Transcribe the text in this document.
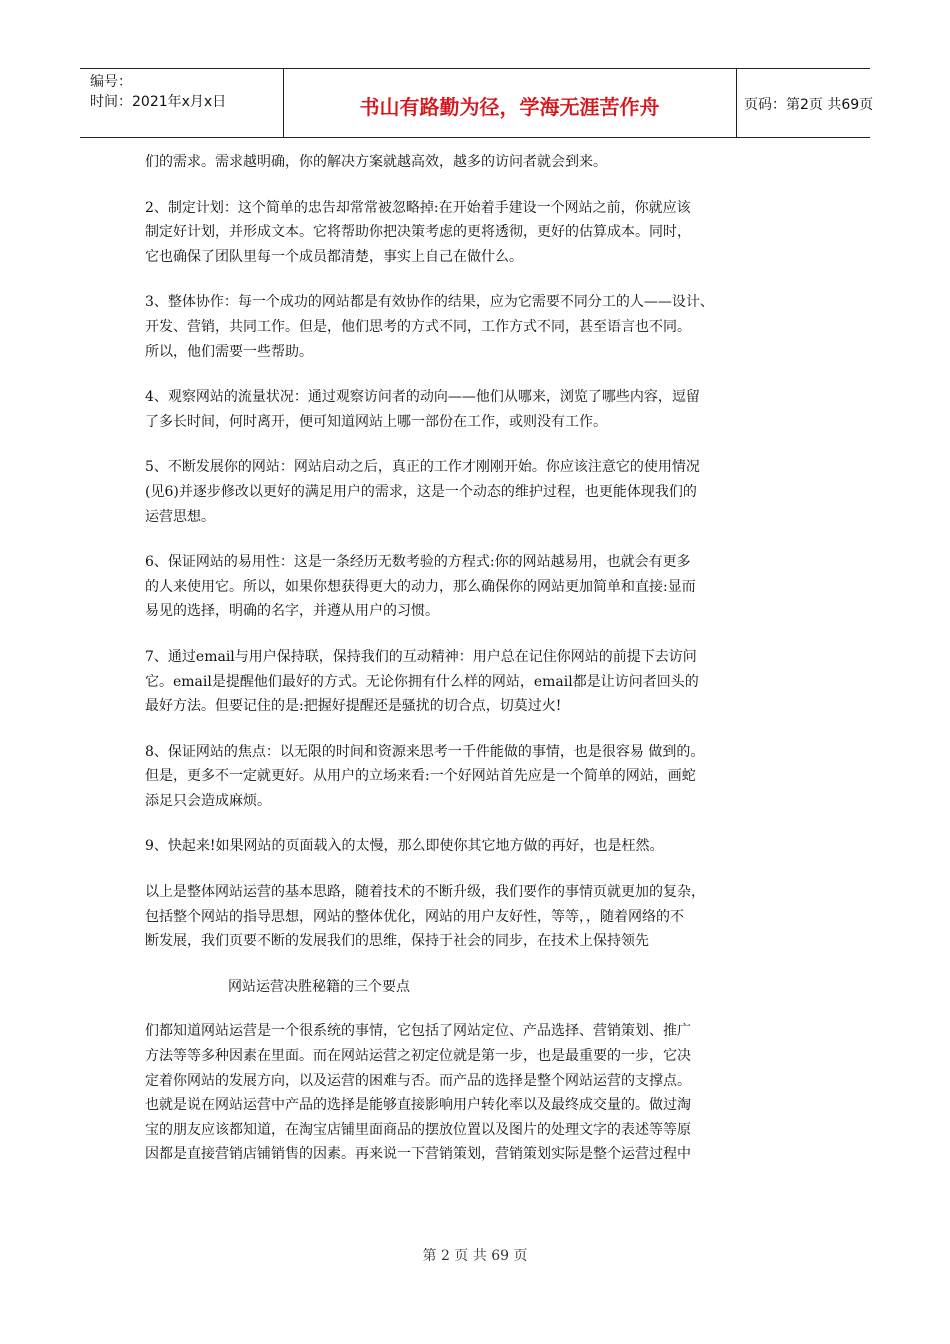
编号：
时间：2021年x月x日	书山有路勤为径，学海无涯苦作舟	页码：第2页 共69页
们的需求。需求越明确，你的解决方案就越高效，越多的访问者就会到来。
2、制定计划：这个简单的忠告却常常被忽略掉:在开始着手建设一个网站之前，你就应该
制定好计划，并形成文本。它将帮助你把决策考虑的更将透彻，更好的估算成本。同时，
它也确保了团队里每一个成员都清楚，事实上自己在做什么。
3、整体协作：每一个成功的网站都是有效协作的结果，应为它需要不同分工的人——设计、
开发、营销，共同工作。但是，他们思考的方式不同，工作方式不同，甚至语言也不同。
所以，他们需要一些帮助。
4、观察网站的流量状况：通过观察访问者的动向——他们从哪来，浏览了哪些内容，逗留
了多长时间，何时离开，便可知道网站上哪一部份在工作，或则没有工作。
5、不断发展你的网站：网站启动之后，真正的工作才刚刚开始。你应该注意它的使用情况
(见6)并逐步修改以更好的满足用户的需求，这是一个动态的维护过程，也更能体现我们的
运营思想。
6、保证网站的易用性：这是一条经历无数考验的方程式:你的网站越易用，也就会有更多
的人来使用它。所以，如果你想获得更大的动力，那么确保你的网站更加简单和直接:显而
易见的选择，明确的名字，并遵从用户的习惯。
7、通过email与用户保持联，保持我们的互动精神：用户总在记住你网站的前提下去访问
它。email是提醒他们最好的方式。无论你拥有什么样的网站，email都是让访问者回头的
最好方法。但要记住的是:把握好提醒还是骚扰的切合点，切莫过火!
8、保证网站的焦点：以无限的时间和资源来思考一千件能做的事情，也是很容易 做到的。
但是，更多不一定就更好。从用户的立场来看:一个好网站首先应是一个简单的网站，画蛇
添足只会造成麻烦。
9、快起来!如果网站的页面载入的太慢，那么即使你其它地方做的再好，也是枉然。
以上是整体网站运营的基本思路，随着技术的不断升级，我们要作的事情页就更加的复杂，
包括整个网站的指导思想，网站的整体优化，网站的用户友好性，等等，，随着网络的不
断发展，我们页要不断的发展我们的思维，保持于社会的同步，在技术上保持领先
网站运营决胜秘籍的三个要点
们都知道网站运营是一个很系统的事情，它包括了网站定位、产品选择、营销策划、推广
方法等等多种因素在里面。而在网站运营之初定位就是第一步，也是最重要的一步，它决
定着你网站的发展方向，以及运营的困难与否。而产品的选择是整个网站运营的支撑点。
也就是说在网站运营中产品的选择是能够直接影响用户转化率以及最终成交量的。做过淘
宝的朋友应该都知道，在淘宝店铺里面商品的摆放位置以及图片的处理文字的表述等等原
因都是直接营销店铺销售的因素。再来说一下营销策划，营销策划实际是整个运营过程中
第 2 页 共 69 页
